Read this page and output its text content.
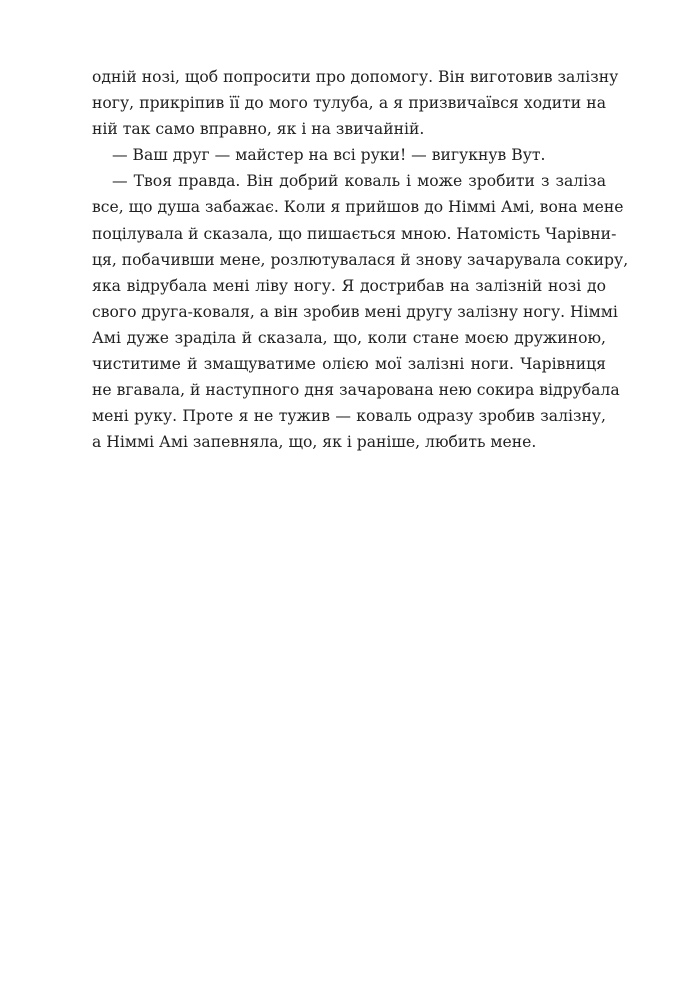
одній нозі, щоб попросити про допомогу. Він виготовив залізну
ногу, прикріпив її до мого тулуба, а я призвичаївся ходити на
ній так само вправно, як і на звичайній.
— Ваш друг — майстер на всі руки! — вигукнув Вут.
— Твоя правда. Він добрий коваль і може зробити з заліза
все, що душа забажає. Коли я прийшов до Німмі Амі, вона мене
поцілувала й сказала, що пишається мною. Натомість Чарівни-
ця, побачивши мене, розлютувалася й знову зачарувала сокиру,
яка відрубала мені ліву ногу. Я дострибав на залізній нозі до
свого друга-коваля, а він зробив мені другу залізну ногу. Німмі
Амі дуже зраділа й сказала, що, коли стане моєю дружиною,
чиститиме й змащуватиме олією мої залізні ноги. Чарівниця
не вгавала, й наступного дня зачарована нею сокира відрубала
мені руку. Проте я не тужив — коваль одразу зробив залізну,
а Німмі Амі запевняла, що, як і раніше, любить мене.
